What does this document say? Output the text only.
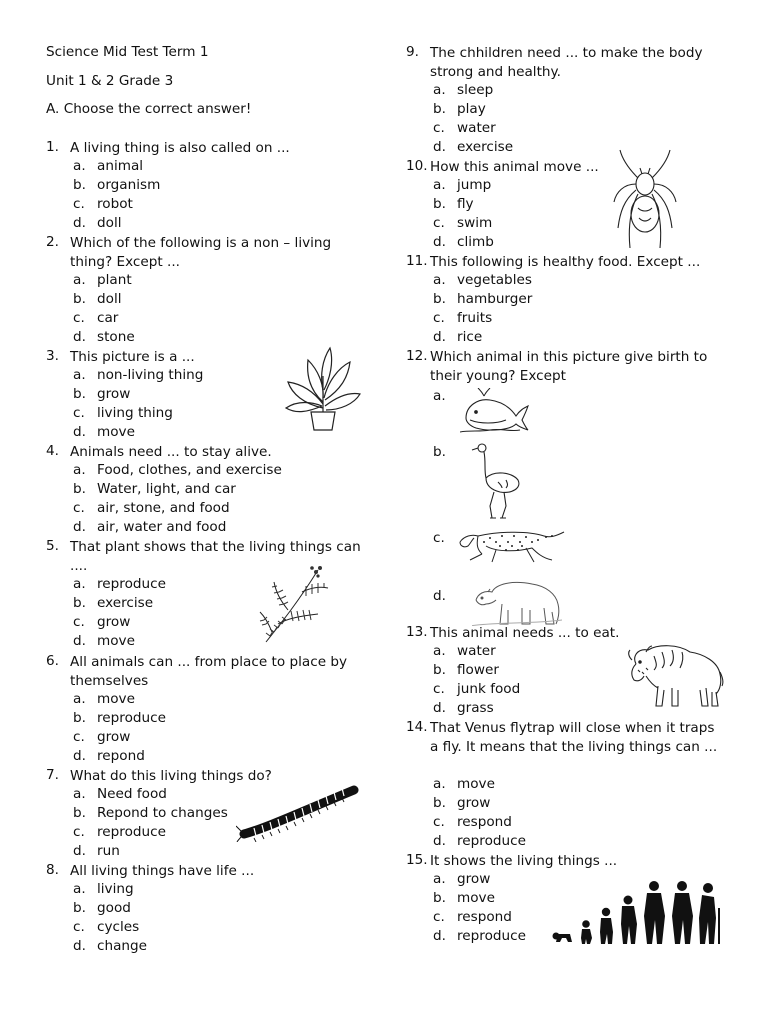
Science Mid Test Term 1
Unit 1 & 2 Grade 3
A. Choose the correct answer!
1. A living thing is also called on ...
a. animal
b. organism
c. robot
d. doll
2. Which of the following is a non – living thing? Except ...
a. plant
b. doll
c. car
d. stone
3. This picture is a ...
a. non-living thing
b. grow
c. living thing
d. move
4. Animals need ... to stay alive.
a. Food, clothes, and exercise
b. Water, light, and car
c. air, stone, and food
d. air, water and food
5. That plant shows that the living things can ....
a. reproduce
b. exercise
c. grow
d. move
6. All animals can ... from place to place by themselves
a. move
b. reproduce
c. grow
d. repond
7. What do this living things do?
a. Need food
b. Repond to changes
c. reproduce
d. run
8. All living things have life ...
a. living
b. good
c. cycles
d. change
9. The chhildren need ... to make the body strong and healthy.
a. sleep
b. play
c. water
d. exercise
10. How this animal move ...
a. jump
b. fly
c. swim
d. climb
11. This following is healthy food. Except ...
a. vegetables
b. hamburger
c. fruits
d. rice
12. Which animal in this picture give birth to their young? Except
a.
b.
c.
d.
13. This animal needs ... to eat.
a. water
b. flower
c. junk food
d. grass
14. That Venus flytrap will close when it traps a fly. It means that the living things can ...
a. move
b. grow
c. respond
d. reproduce
15. It shows the living things ...
a. grow
b. move
c. respond
d. reproduce
